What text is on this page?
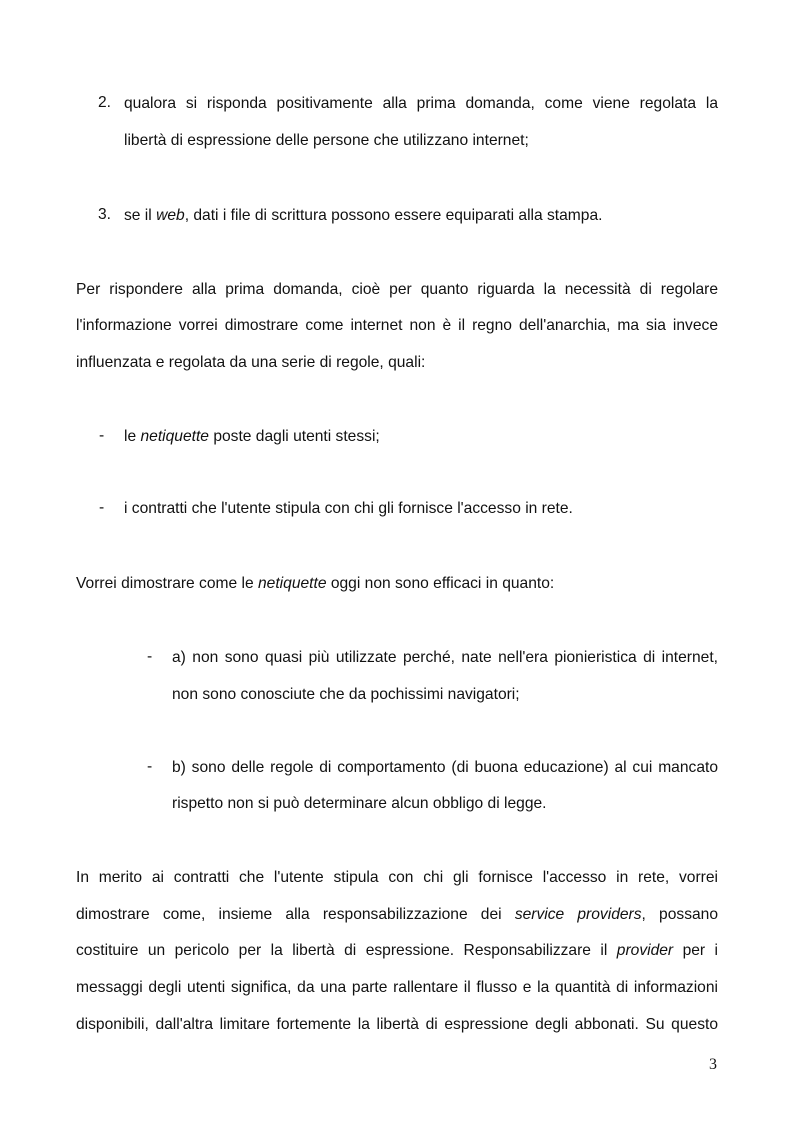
2. qualora si risponda positivamente alla prima domanda, come viene regolata la
libertà di espressione delle persone che utilizzano internet;
3. se il web, dati i file di scrittura possono essere equiparati alla stampa.
Per rispondere alla prima domanda, cioè per quanto riguarda la necessità di regolare
l'informazione vorrei dimostrare come internet non è il regno dell'anarchia, ma sia invece
influenzata e regolata da una serie di regole, quali:
- le netiquette poste dagli utenti stessi;
- i contratti che l'utente stipula con chi gli fornisce l'accesso in rete.
Vorrei dimostrare come le netiquette oggi non sono efficaci in quanto:
- a) non sono quasi più utilizzate perché, nate nell'era pionieristica di internet,
non sono conosciute che da pochissimi navigatori;
- b) sono delle regole di comportamento (di buona educazione) al cui mancato
rispetto non si può determinare alcun obbligo di legge.
In merito ai contratti che l'utente stipula con chi gli fornisce l'accesso in rete, vorrei
dimostrare come, insieme alla responsabilizzazione dei service providers, possano
costituire un pericolo per la libertà di espressione. Responsabilizzare il provider per i
messaggi degli utenti significa, da una parte rallentare il flusso e la quantità di informazioni
disponibili, dall'altra limitare fortemente la libertà di espressione degli abbonati. Su questo
3
